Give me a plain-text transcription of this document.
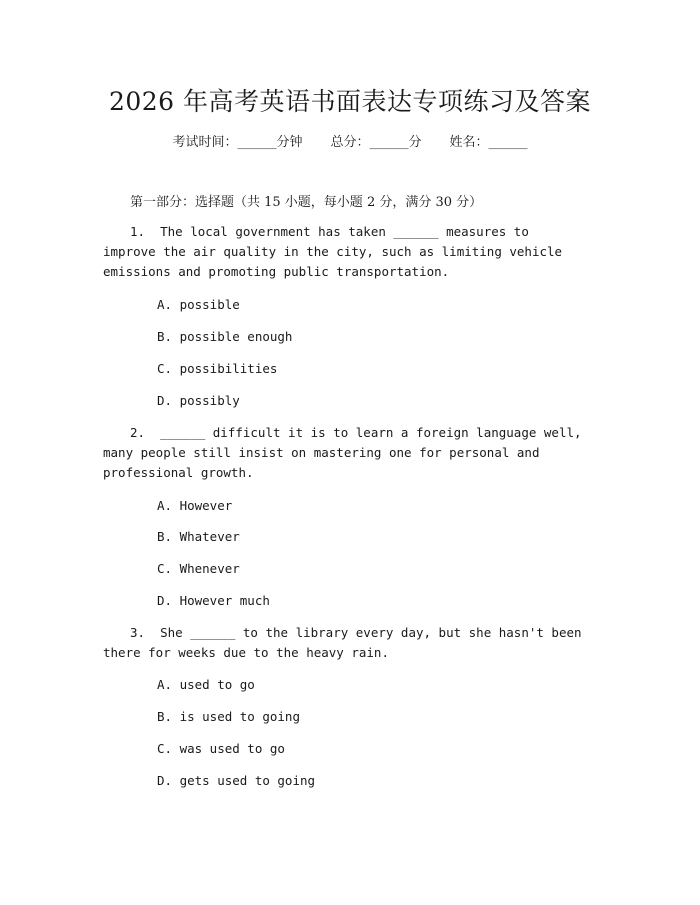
2026 年高考英语书面表达专项练习及答案
考试时间：______分钟 总分：______分 姓名：______
第一部分：选择题（共 15 小题，每小题 2 分，满分 30 分）
1.  The local government has taken ______ measures to improve the air quality in the city, such as limiting vehicle emissions and promoting public transportation.
A. possible
B. possible enough
C. possibilities
D. possibly
2.  ______ difficult it is to learn a foreign language well, many people still insist on mastering one for personal and professional growth.
A. However
B. Whatever
C. Whenever
D. However much
3.  She ______ to the library every day, but she hasn't been there for weeks due to the heavy rain.
A. used to go
B. is used to going
C. was used to go
D. gets used to going
